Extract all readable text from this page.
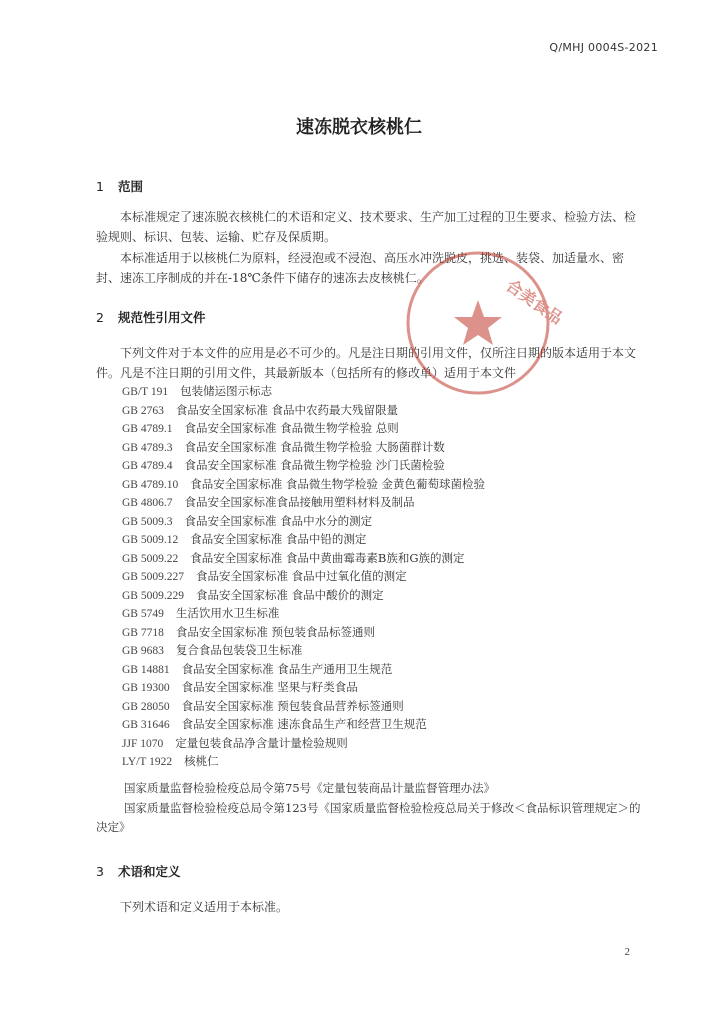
Q/MHJ 0004S-2021
速冻脱衣核桃仁
1 范围

本标准规定了速冻脱衣核桃仁的术语和定义、技术要求、生产加工过程的卫生要求、检验方法、检验规则、标识、包装、运输、贮存及保质期。

本标准适用于以核桃仁为原料，经浸泡或不浸泡、高压水冲洗脱皮，挑选、装袋、加适量水、密封、速冻工序制成的并在-18℃条件下储存的速冻去皮核桃仁。

2 规范性引用文件

下列文件对于本文件的应用是必不可少的。凡是注日期的引用文件，仅所注日期的版本适用于本文件。凡是不注日期的引用文件，其最新版本（包括所有的修改单）适用于本文件

GB/T 191 包装储运图示标志
GB 2763 食品安全国家标准 食品中农药最大残留限量
GB 4789.1 食品安全国家标准 食品微生物学检验 总则
GB 4789.3 食品安全国家标准 食品微生物学检验 大肠菌群计数
GB 4789.4 食品安全国家标准 食品微生物学检验 沙门氏菌检验
GB 4789.10 食品安全国家标准 食品微生物学检验 金黄色葡萄球菌检验
GB 4806.7 食品安全国家标准食品接触用塑料材料及制品
GB 5009.3 食品安全国家标准 食品中水分的测定
GB 5009.12 食品安全国家标准 食品中铅的测定
GB 5009.22 食品安全国家标准 食品中黄曲霉毒素B族和G族的测定
GB 5009.227 食品安全国家标准 食品中过氧化值的测定
GB 5009.229 食品安全国家标准 食品中酸价的测定
GB 5749 生活饮用水卫生标准
GB 7718 食品安全国家标准 预包装食品标签通则
GB 9683 复合食品包装袋卫生标准
GB 14881 食品安全国家标准 食品生产通用卫生规范
GB 19300 食品安全国家标准 坚果与籽类食品
GB 28050 食品安全国家标准 预包装食品营养标签通则
GB 31646 食品安全国家标准 速冻食品生产和经营卫生规范
JJF 1070 定量包装食品净含量计量检验规则
LY/T 1922 核桃仁

国家质量监督检验检疫总局令第75号《定量包装商品计量监督管理办法》

国家质量监督检验检疫总局令第123号《国家质量监督检验检疫总局关于修改＜食品标识管理规定＞的决定》

3 术语和定义

下列术语和定义适用于本标准。

2
合美食品
